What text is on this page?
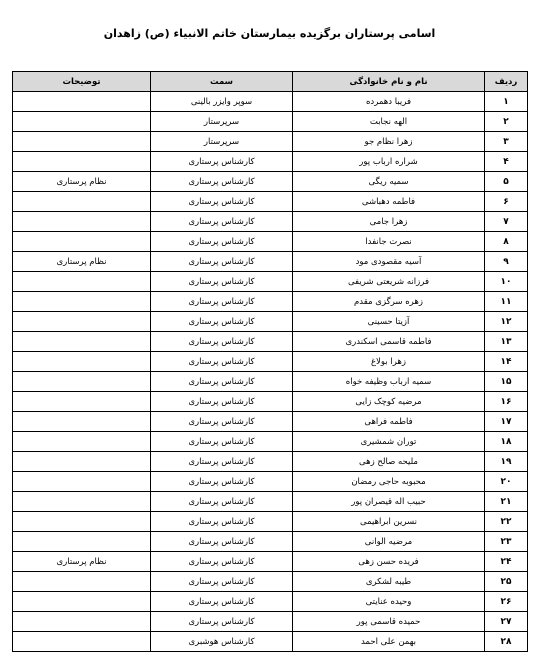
اسامی پرستاران برگزیده بیمارستان خاتم الانبیاء (ص) زاهدان
ردیف	نام و نام خانوادگی	سمت	توضیحات
۱	فریبا دهمرده	سوپر وایزر بالینی	
۲	الهه نجابت	سرپرستار	
۳	زهرا نظام جو	سرپرستار	
۴	شراره ارباب پور	کارشناس پرستاری	
۵	سمیه ریگی	کارشناس پرستاری	نظام پرستاری
۶	فاطمه دهباشی	کارشناس پرستاری	
۷	زهرا جامی	کارشناس پرستاری	
۸	نصرت جانفدا	کارشناس پرستاری	
۹	آسیه مقصودی مود	کارشناس پرستاری	نظام پرستاری
۱۰	فرزانه شریعتی شریفی	کارشناس پرستاری	
۱۱	زهره سرگزی مقدم	کارشناس پرستاری	
۱۲	آزیتا حسینی	کارشناس پرستاری	
۱۳	فاطمه قاسمی اسکندری	کارشناس پرستاری	
۱۴	زهرا بولاغ	کارشناس پرستاری	
۱۵	سمیه ارباب وظیفه خواه	کارشناس پرستاری	
۱۶	مرضیه کوچک زایی	کارشناس پرستاری	
۱۷	فاطمه فراهی	کارشناس پرستاری	
۱۸	توران شمشیری	کارشناس پرستاری	
۱۹	ملیحه صالح زهی	کارشناس پرستاری	
۲۰	محبوبه حاجی رمضان	کارشناس پرستاری	
۲۱	حبیب اله قیصران پور	کارشناس پرستاری	
۲۲	نسرین ابراهیمی	کارشناس پرستاری	
۲۳	مرضیه الوانی	کارشناس پرستاری	
۲۴	فریده حسن زهی	کارشناس پرستاری	نظام پرستاری
۲۵	طیبه لشکری	کارشناس پرستاری	
۲۶	وحیده عنایتی	کارشناس پرستاری	
۲۷	حمیده قاسمی پور	کارشناس پرستاری	
۲۸	بهمن علی احمد	کارشناس هوشبری	
